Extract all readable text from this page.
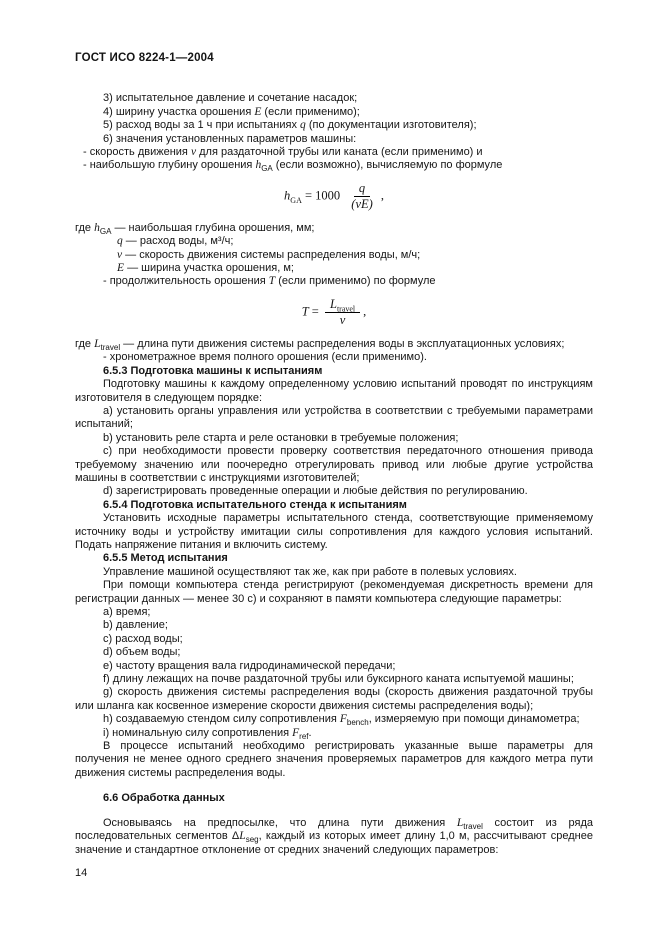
ГОСТ ИСО 8224-1—2004

3) испытательное давление и сочетание насадок;

4) ширину участка орошения E (если применимо);

5) расход воды за 1 ч при испытаниях q (по документации изготовителя);

6) значения установленных параметров машины:

- скорость движения v для раздаточной трубы или каната (если применимо) и

- наибольшую глубину орошения $h_{GA}$ (если возможно), вычисляемую по формуле

$h_{GA} = 1000 \frac{q}{(vE)}$ ,

где $h_{GA}$ — наибольшая глубина орошения, мм;

q — расход воды, м³/ч;

v — скорость движения системы распределения воды, м/ч;

E — ширина участка орошения, м;

- продолжительность орошения T (если применимо) по формуле

$T = \frac{L_{travel}}{v}$ ,

где $L_{travel}$ — длина пути движения системы распределения воды в эксплуатационных условиях;

- хронометражное время полного орошения (если применимо).

6.5.3 Подготовка машины к испытаниям

Подготовку машины к каждому определенному условию испытаний проводят по инструкциям изготовителя в следующем порядке:

a) установить органы управления или устройства в соответствии с требуемыми параметрами испытаний;

b) установить реле старта и реле остановки в требуемые положения;

c) при необходимости провести проверку соответствия передаточного отношения привода требуемому значению или поочередно отрегулировать привод или любые другие устройства машины в соответствии с инструкциями изготовителей;

d) зарегистрировать проведенные операции и любые действия по регулированию.

6.5.4 Подготовка испытательного стенда к испытаниям

Установить исходные параметры испытательного стенда, соответствующие применяемому источнику воды и устройству имитации силы сопротивления для каждого условия испытаний. Подать напряжение питания и включить систему.

6.5.5 Метод испытания

Управление машиной осуществляют так же, как при работе в полевых условиях.

При помощи компьютера стенда регистрируют (рекомендуемая дискретность времени для регистрации данных — менее 30 с) и сохраняют в памяти компьютера следующие параметры:

a) время;

b) давление;

c) расход воды;

d) объем воды;

e) частоту вращения вала гидродинамической передачи;

f) длину лежащих на почве раздаточной трубы или буксирного каната испытуемой машины;

g) скорость движения системы распределения воды (скорость движения раздаточной трубы или шланга как косвенное измерение скорости движения системы распределения воды);

h) создаваемую стендом силу сопротивления $F_{bench}$, измеряемую при помощи динамометра;

i) номинальную силу сопротивления $F_{ref}$.

В процессе испытаний необходимо регистрировать указанные выше параметры для получения не менее одного среднего значения проверяемых параметров для каждого метра пути движения системы распределения воды.

6.6 Обработка данных

Основываясь на предпосылке, что длина пути движения $L_{travel}$ состоит из ряда последовательных сегментов $\Delta L_{seg}$, каждый из которых имеет длину 1,0 м, рассчитывают среднее значение и стандартное отклонение от средних значений следующих параметров:

14
